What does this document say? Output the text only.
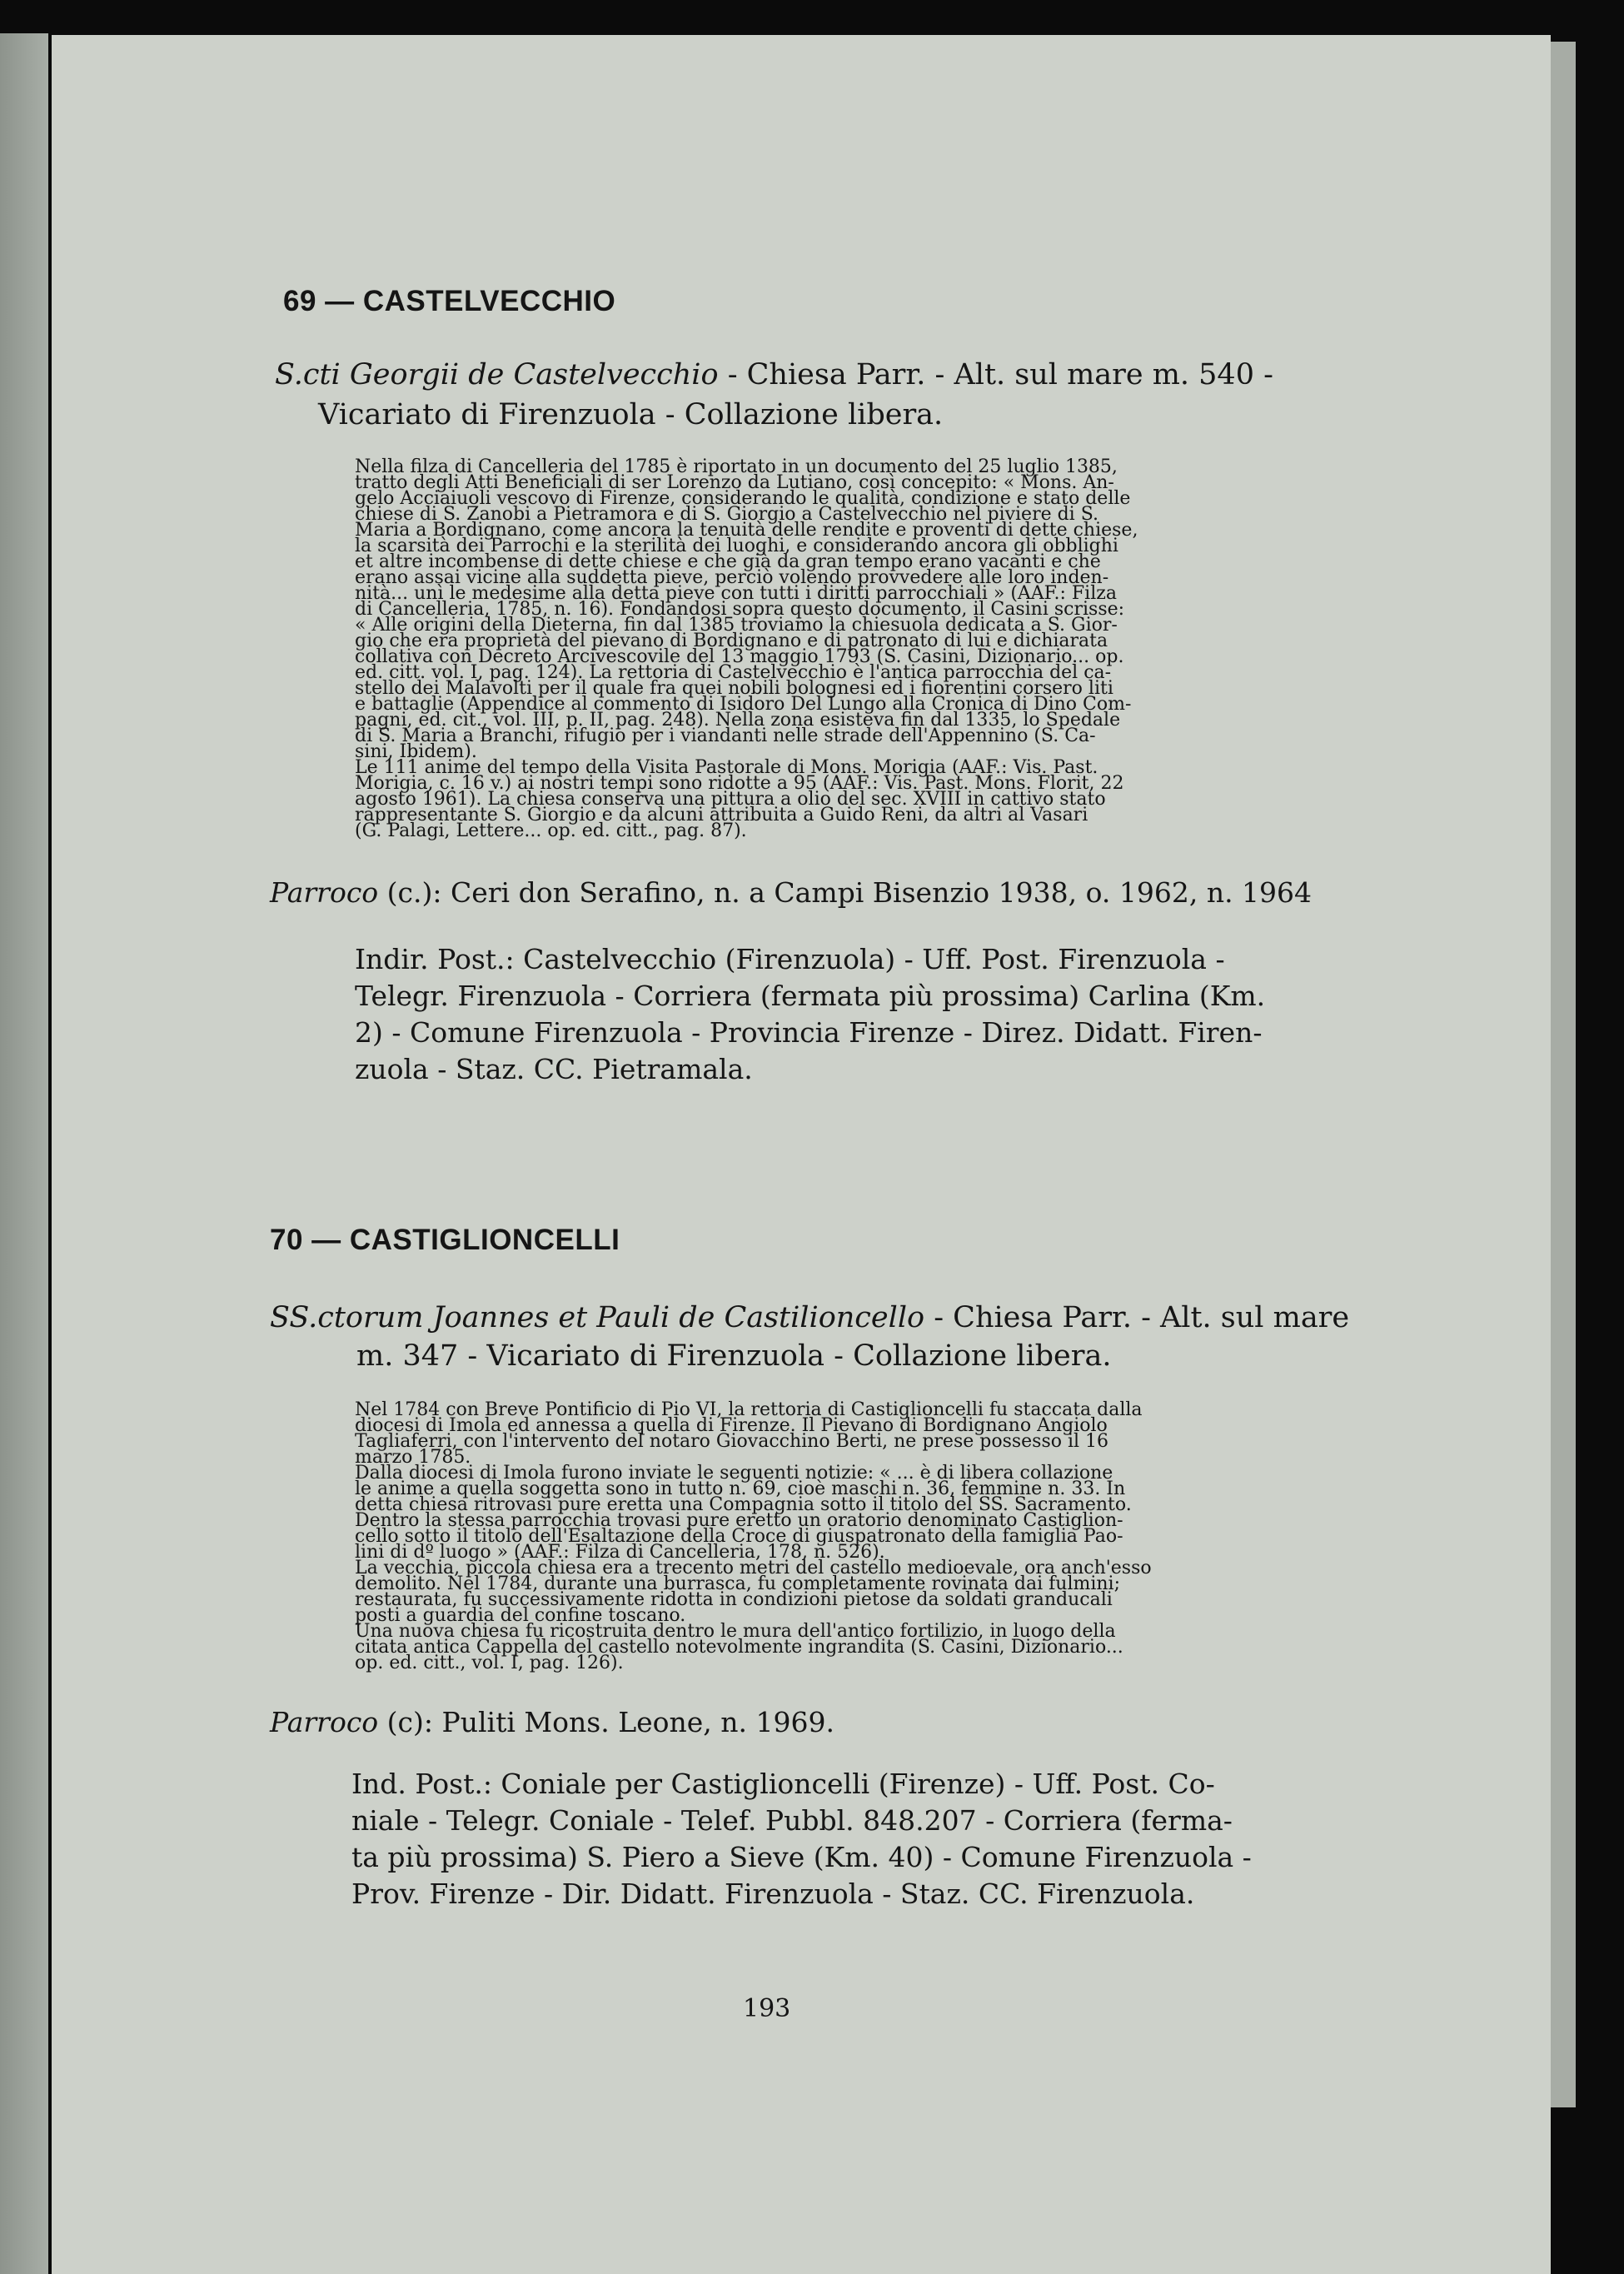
69 — CASTELVECCHIO
S.cti Georgii de Castelvecchio - Chiesa Parr. - Alt. sul mare m. 540 -
Vicariato di Firenzuola - Collazione libera.
Nella filza di Cancelleria del 1785 è riportato in un documento del 25 luglio 1385,
tratto degli Atti Beneficiali di ser Lorenzo da Lutiano, così concepito: « Mons. An-
gelo Acciaiuoli vescovo di Firenze, considerando le qualità, condizione e stato delle
chiese di S. Zanobi a Pietramora e di S. Giorgio a Castelvecchio nel piviere di S.
Maria a Bordignano, come ancora la tenuità delle rendite e proventi di dette chiese,
la scarsità dei Parrochi e la sterilità dei luoghi, e considerando ancora gli obblighi
et altre incombense di dette chiese e che già da gran tempo erano vacanti e che
erano assai vicine alla suddetta pieve, perciò volendo provvedere alle loro inden-
nità... unì le medesime alla detta pieve con tutti i diritti parrocchiali » (AAF.: Filza
di Cancelleria, 1785, n. 16). Fondandosi sopra questo documento, il Casini scrisse:
« Alle origini della Dieterna, fin dal 1385 troviamo la chiesuola dedicata a S. Gior-
gio che era proprietà del pievano di Bordignano e di patronato di lui e dichiarata
collativa con Decreto Arcivescovile del 13 maggio 1793 (S. Casini, Dizionario... op.
ed. citt. vol. I, pag. 124). La rettoria di Castelvecchio è l'antica parrocchia del ca-
stello dei Malavolti per il quale fra quei nobili bolognesi ed i fiorentini corsero liti
e battaglie (Appendice al commento di Isidoro Del Lungo alla Cronica di Dino Com-
pagni, ed. cit., vol. III, p. II, pag. 248). Nella zona esisteva fin dal 1335, lo Spedale
di S. Maria a Branchi, rifugio per i viandanti nelle strade dell'Appennino (S. Ca-
sini, Ibidem).
Le 111 anime del tempo della Visita Pastorale di Mons. Morigia (AAF.: Vis. Past.
Morigia, c. 16 v.) ai nostri tempi sono ridotte a 95 (AAF.: Vis. Past. Mons. Florit, 22
agosto 1961). La chiesa conserva una pittura a olio del sec. XVIII in cattivo stato
rappresentante S. Giorgio e da alcuni attribuita a Guido Reni, da altri al Vasari
(G. Palagi, Lettere... op. ed. citt., pag. 87).
Parroco (c.): Ceri don Serafino, n. a Campi Bisenzio 1938, o. 1962, n. 1964
Indir. Post.: Castelvecchio (Firenzuola) - Uff. Post. Firenzuola -
Telegr. Firenzuola - Corriera (fermata più prossima) Carlina (Km.
2) - Comune Firenzuola - Provincia Firenze - Direz. Didatt. Firen-
zuola - Staz. CC. Pietramala.
70 — CASTIGLIONCELLI
SS.ctorum Joannes et Pauli de Castilioncello - Chiesa Parr. - Alt. sul mare
m. 347 - Vicariato di Firenzuola - Collazione libera.
Nel 1784 con Breve Pontificio di Pio VI, la rettoria di Castiglioncelli fu staccata dalla
diocesi di Imola ed annessa a quella di Firenze. Il Pievano di Bordignano Angiolo
Tagliaferri, con l'intervento del notaro Giovacchino Berti, ne prese possesso il 16
marzo 1785.
Dalla diocesi di Imola furono inviate le seguenti notizie: « ... è di libera collazione
le anime a quella soggetta sono in tutto n. 69, cioè maschi n. 36, femmine n. 33. In
detta chiesa ritrovasi pure eretta una Compagnia sotto il titolo del SS. Sacramento.
Dentro la stessa parrocchia trovasi pure eretto un oratorio denominato Castiglion-
cello sotto il titolo dell'Esaltazione della Croce di giuspatronato della famiglia Pao-
lini di dº luogo » (AAF.: Filza di Cancelleria, 178, n. 526).
La vecchia, piccola chiesa era a trecento metri del castello medioevale, ora anch'esso
demolito. Nel 1784, durante una burrasca, fu completamente rovinata dai fulmini;
restaurata, fu successivamente ridotta in condizioni pietose da soldati granducali
posti a guardia del confine toscano.
Una nuova chiesa fu ricostruita dentro le mura dell'antico fortilizio, in luogo della
citata antica Cappella del castello notevolmente ingrandita (S. Casini, Dizionario...
op. ed. citt., vol. I, pag. 126).
Parroco (c): Puliti Mons. Leone, n. 1969.
Ind. Post.: Coniale per Castiglioncelli (Firenze) - Uff. Post. Co-
niale - Telegr. Coniale - Telef. Pubbl. 848.207 - Corriera (ferma-
ta più prossima) S. Piero a Sieve (Km. 40) - Comune Firenzuola -
Prov. Firenze - Dir. Didatt. Firenzuola - Staz. CC. Firenzuola.
193
